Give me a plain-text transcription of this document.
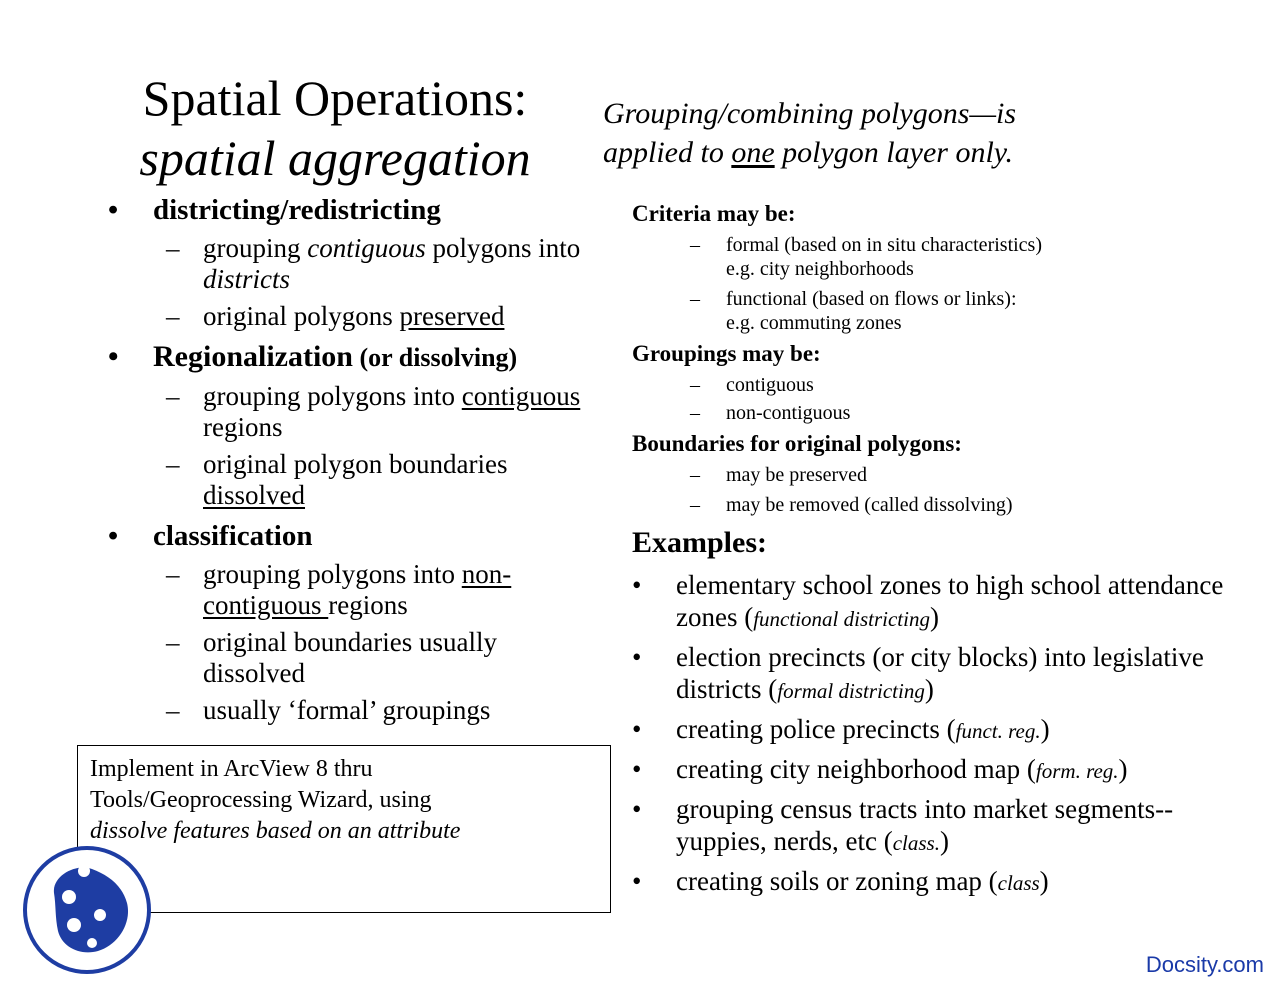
Spatial Operations:
spatial aggregation
Grouping/combining polygons—is
applied to one polygon layer only.
• districting/redistricting
– grouping contiguous polygons into districts
– original polygons preserved
• Regionalization (or dissolving)
– grouping polygons into contiguous regions
– original polygon boundaries dissolved
• classification
– grouping polygons into non-contiguous regions
– original boundaries usually dissolved
– usually ‘formal’ groupings
Criteria may be:
– formal (based on in situ characteristics)
e.g. city neighborhoods
– functional (based on flows or links):
e.g. commuting zones
Groupings may be:
– contiguous
– non-contiguous
Boundaries for original polygons:
– may be preserved
– may be removed (called dissolving)
Examples:
• elementary school zones to high school attendance zones (functional districting)
• election precincts (or city blocks) into legislative districts (formal districting)
• creating police precincts (funct. reg.)
• creating city neighborhood map (form. reg.)
• grouping census tracts into market segments--yuppies, nerds, etc (class.)
• creating soils or zoning map (class)
Implement in ArcView 8 thru
Tools/Geoprocessing Wizard, using
dissolve features based on an attribute
Docsity.com
